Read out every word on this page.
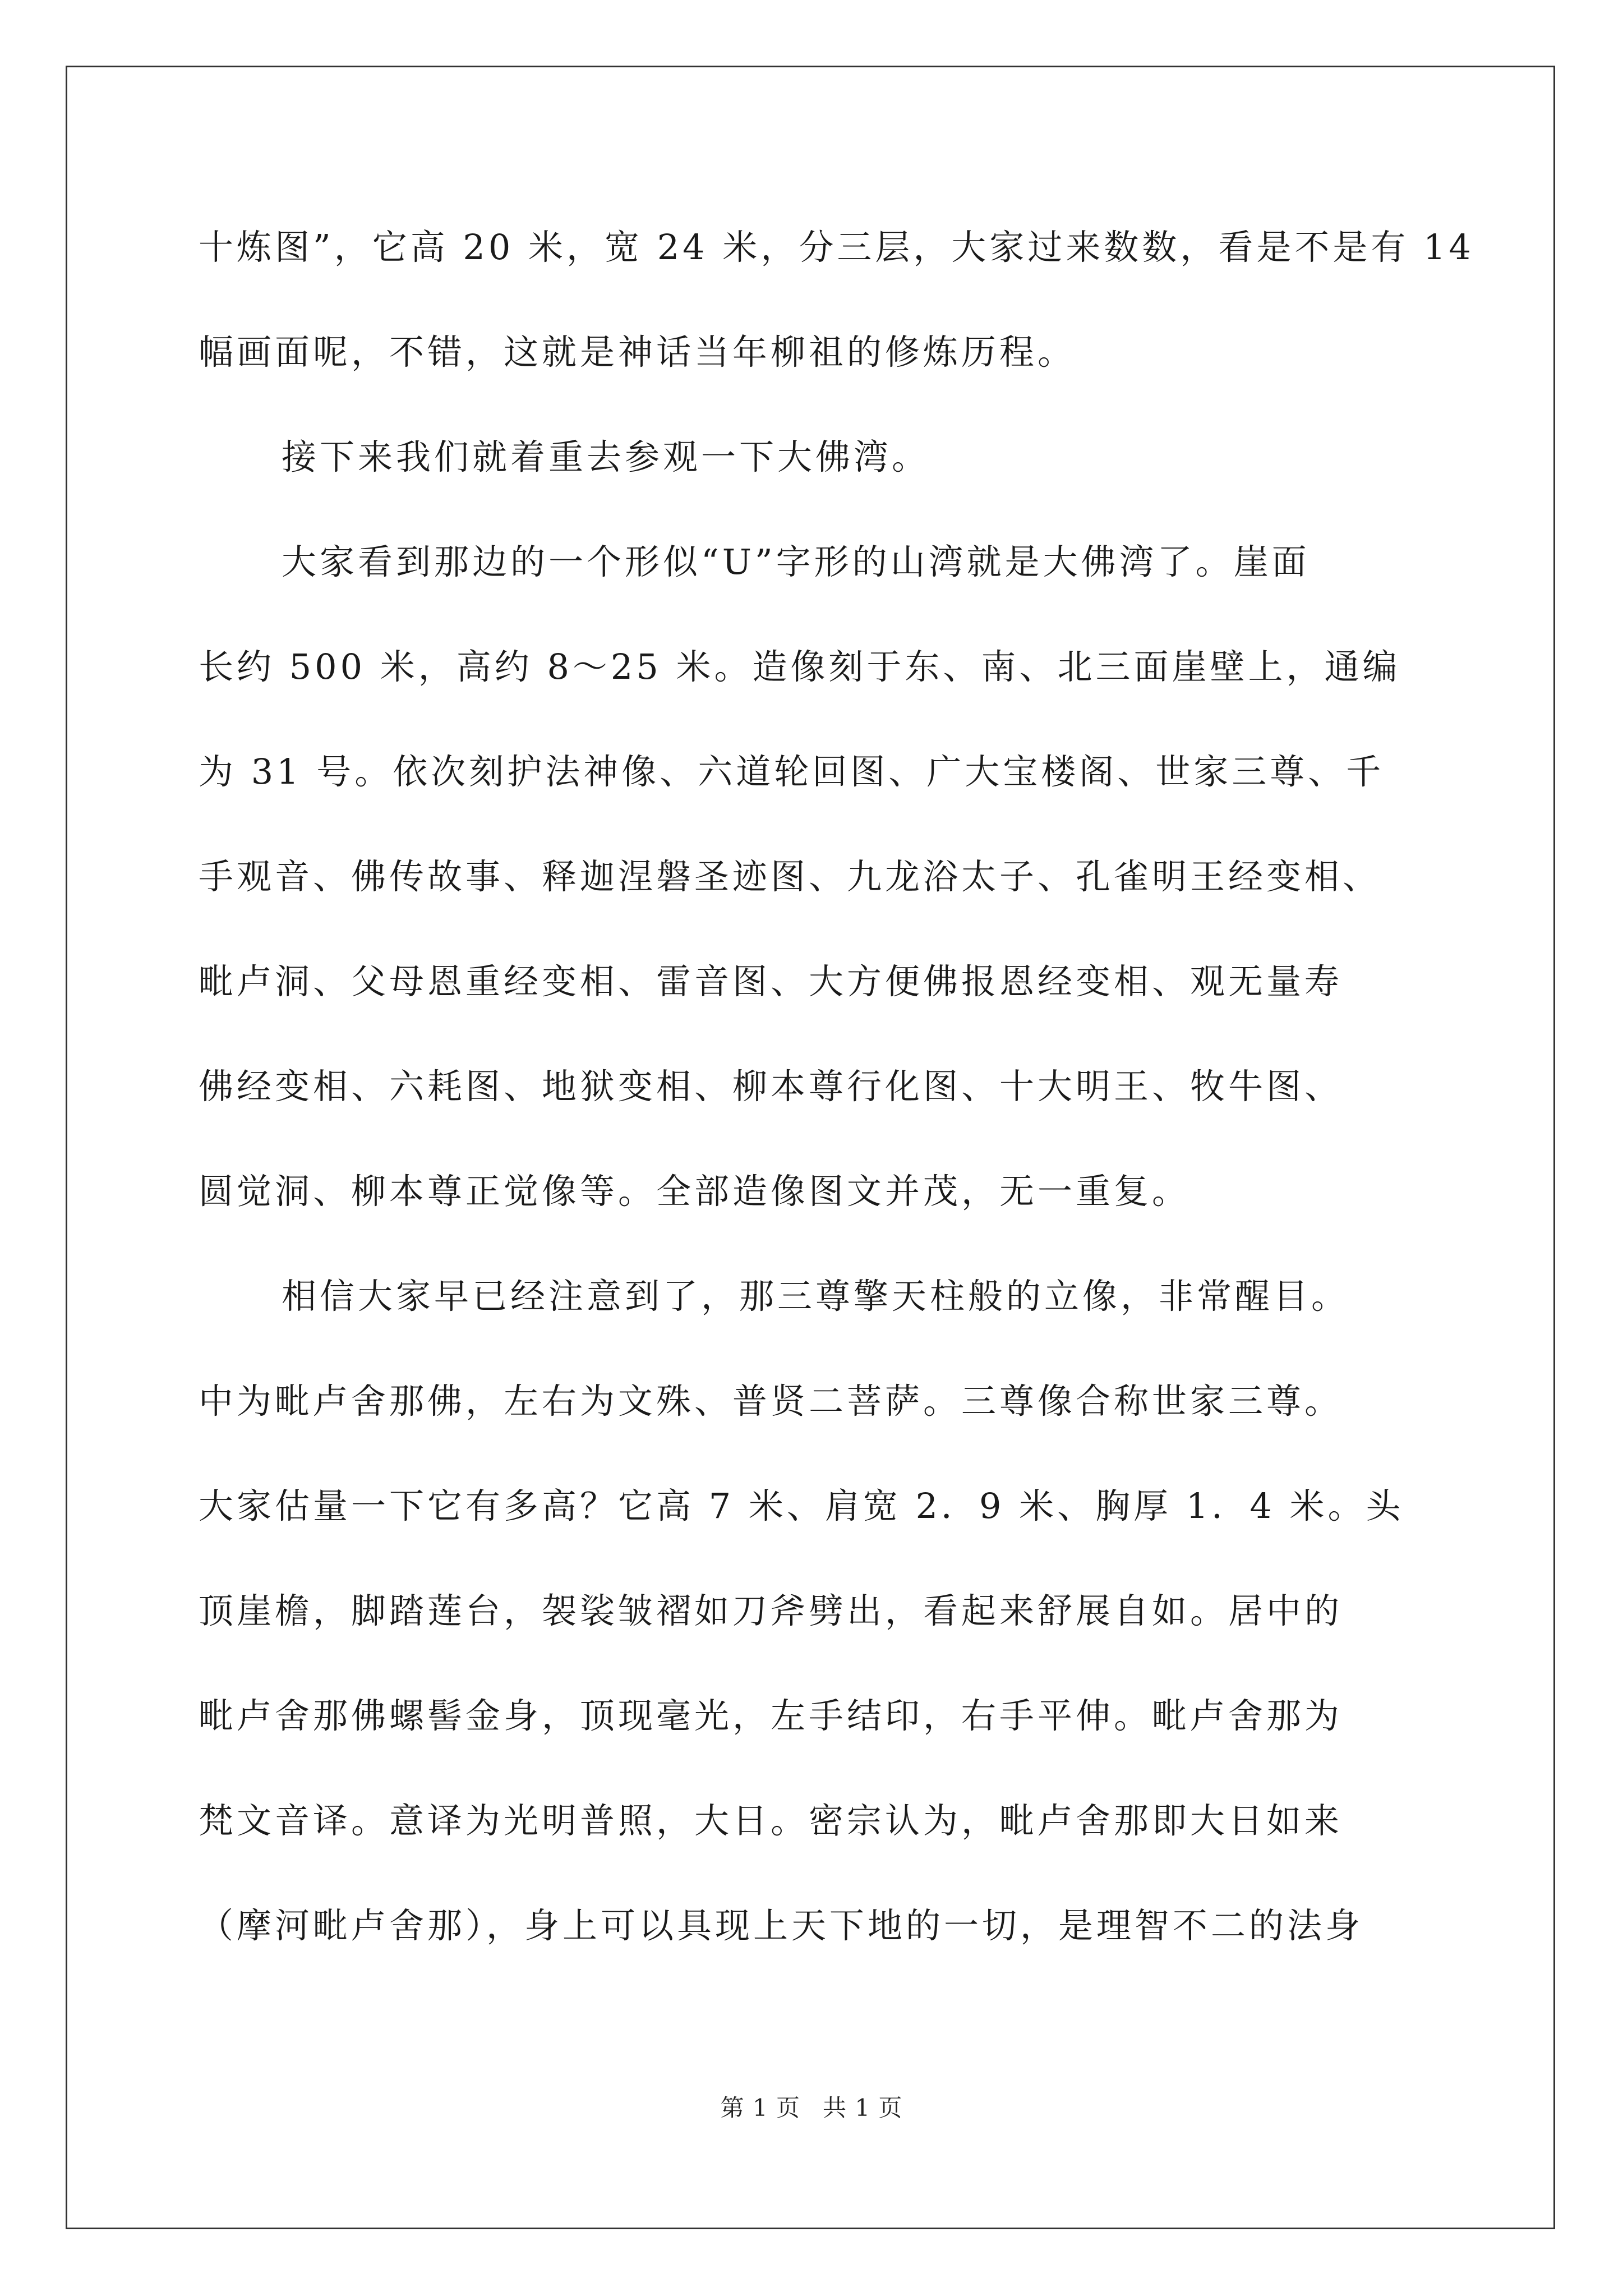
十炼图”，它高 20 米，宽 24 米，分三层，大家过来数数，看是不是有 14
幅画面呢，不错，这就是神话当年柳祖的修炼历程。
接下来我们就着重去参观一下大佛湾。
大家看到那边的一个形似“U”字形的山湾就是大佛湾了。崖面
长约 500 米，高约 8～25 米。造像刻于东、南、北三面崖壁上，通编
为 31 号。依次刻护法神像、六道轮回图、广大宝楼阁、世家三尊、千
手观音、佛传故事、释迦涅磐圣迹图、九龙浴太子、孔雀明王经变相、
毗卢洞、父母恩重经变相、雷音图、大方便佛报恩经变相、观无量寿
佛经变相、六耗图、地狱变相、柳本尊行化图、十大明王、牧牛图、
圆觉洞、柳本尊正觉像等。全部造像图文并茂，无一重复。
相信大家早已经注意到了，那三尊擎天柱般的立像，非常醒目。
中为毗卢舍那佛，左右为文殊、普贤二菩萨。三尊像合称世家三尊。
大家估量一下它有多高？它高 7 米、肩宽 2．9 米、胸厚 1．4 米。头
顶崖檐，脚踏莲台，袈裟皱褶如刀斧劈出，看起来舒展自如。居中的
毗卢舍那佛螺髻金身，顶现毫光，左手结印，右手平伸。毗卢舍那为
梵文音译。意译为光明普照，大日。密宗认为，毗卢舍那即大日如来
（摩河毗卢舍那），身上可以具现上天下地的一切，是理智不二的法身
第 1 页 共 1 页
